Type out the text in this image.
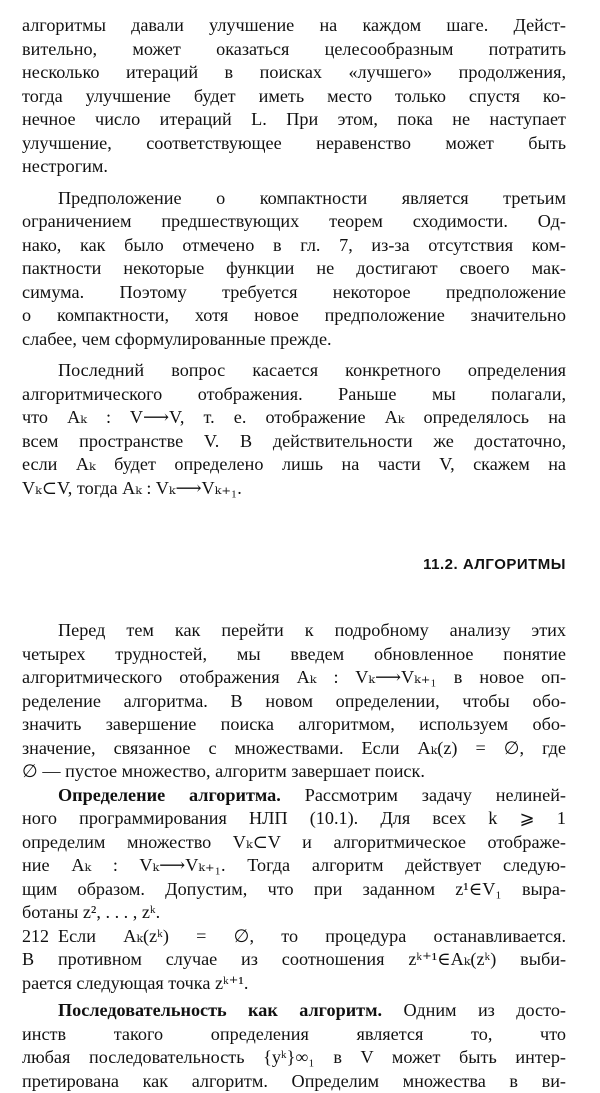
алгоритмы давали улучшение на каждом шаге. Дейст-
вительно, может оказаться целесообразным потратить
несколько итераций в поисках «лучшего» продолжения,
тогда улучшение будет иметь место только спустя ко-
нечное число итераций L. При этом, пока не наступает
улучшение, соответствующее неравенство может быть
нестрогим.

Предположение о компактности является третьим
ограничением предшествующих теорем сходимости. Од-
нако, как было отмечено в гл. 7, из-за отсутствия ком-
пактности некоторые функции не достигают своего мак-
симума. Поэтому требуется некоторое предположение
о компактности, хотя новое предположение значительно
слабее, чем сформулированные прежде.

Последний вопрос касается конкретного определения
алгоритмического отображения. Раньше мы полагали,
что Aₖ : V⟶V, т. е. отображение Aₖ определялось на
всем пространстве V. В действительности же достаточно,
если Aₖ будет определено лишь на части V, скажем на
Vₖ⊂V, тогда Aₖ : Vₖ⟶Vₖ₊₁.

11.2. АЛГОРИТМЫ

Перед тем как перейти к подробному анализу этих
четырех трудностей, мы введем обновленное понятие
алгоритмического отображения Aₖ : Vₖ⟶Vₖ₊₁ в новое оп-
ределение алгоритма. В новом определении, чтобы обо-
значить завершение поиска алгоритмом, используем обо-
значение, связанное с множествами. Если Aₖ(z) = ∅, где
∅ — пустое множество, алгоритм завершает поиск.

Определение алгоритма. Рассмотрим задачу нелиней-
ного программирования НЛП (10.1). Для всех k ⩾ 1
определим множество Vₖ⊂V и алгоритмическое отображе-
ние Aₖ : Vₖ⟶Vₖ₊₁. Тогда алгоритм действует следую-
щим образом. Допустим, что при заданном z¹∈V₁ выра-
ботаны z², . . . , zᵏ.

Если Aₖ(zᵏ) = ∅, то процедура останавливается.
В противном случае из соотношения zᵏ⁺¹∈Aₖ(zᵏ) выби-
рается следующая точка zᵏ⁺¹.

Последовательность как алгоритм. Одним из досто-
инств такого определения является то, что
любая последовательность {yᵏ}∞₁ в V может быть интер-
претирована как алгоритм. Определим множества в ви-

212
